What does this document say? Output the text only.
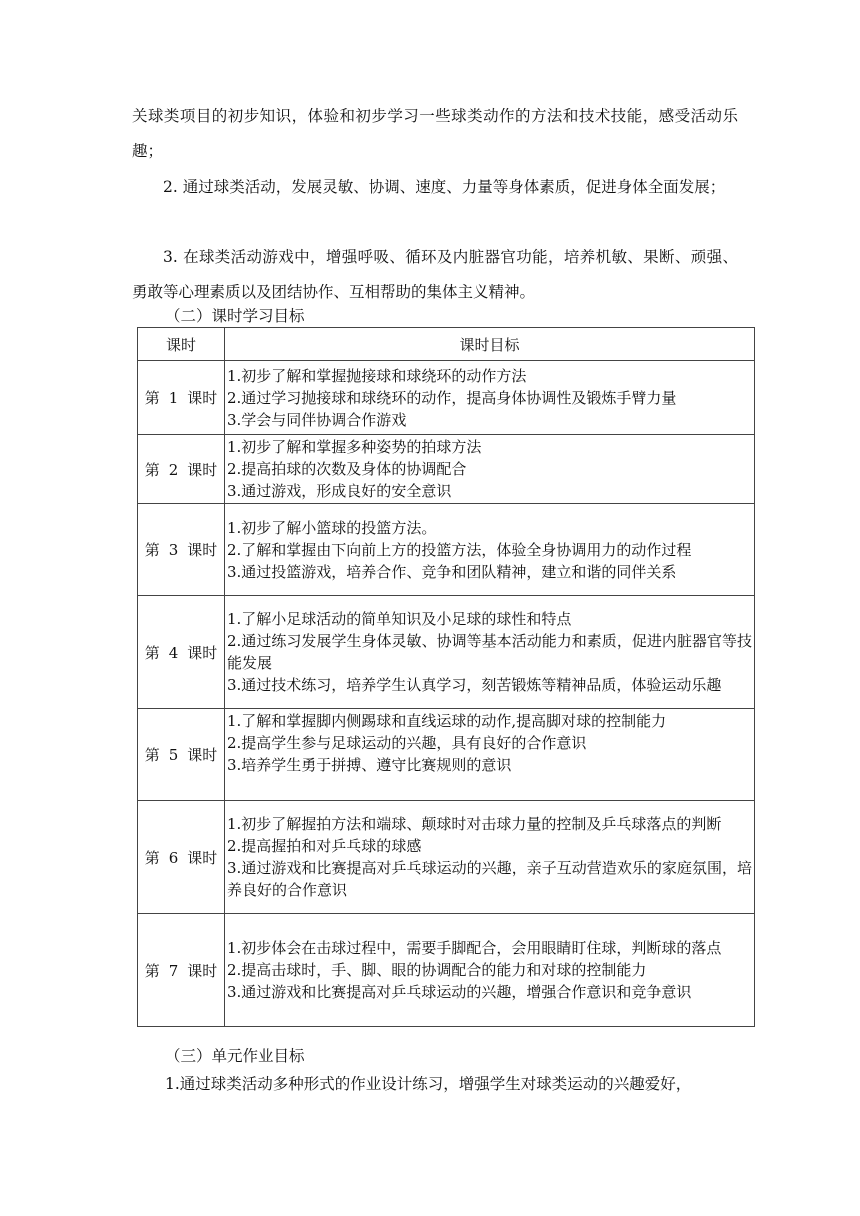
关球类项目的初步知识，体验和初步学习一些球类动作的方法和技术技能，感受活动乐趣；

2. 通过球类活动，发展灵敏、协调、速度、力量等身体素质，促进身体全面发展；

3. 在球类活动游戏中，增强呼吸、循环及内脏器官功能，培养机敏、果断、顽强、勇敢等心理素质以及团结协作、互相帮助的集体主义精神。

（二）课时学习目标

课时	课时目标
第 1 课时	1.初步了解和掌握抛接球和球绕环的动作方法
2.通过学习抛接球和球绕环的动作，提高身体协调性及锻炼手臂力量
3.学会与同伴协调合作游戏

第 2 课时	1.初步了解和掌握多种姿势的拍球方法
2.提高拍球的次数及身体的协调配合
3.通过游戏，形成良好的安全意识

第 3 课时	1.初步了解小篮球的投篮方法。
2.了解和掌握由下向前上方的投篮方法，体验全身协调用力的动作过程
3.通过投篮游戏，培养合作、竞争和团队精神，建立和谐的同伴关系

第 4 课时	1.了解小足球活动的简单知识及小足球的球性和特点
2.通过练习发展学生身体灵敏、协调等基本活动能力和素质，促进内脏器官等技能发展
3.通过技术练习，培养学生认真学习，刻苦锻炼等精神品质，体验运动乐趣

第 5 课时	1.了解和掌握脚内侧踢球和直线运球的动作,提高脚对球的控制能力
2.提高学生参与足球运动的兴趣，具有良好的合作意识
3.培养学生勇于拼搏、遵守比赛规则的意识

第 6 课时	1.初步了解握拍方法和端球、颠球时对击球力量的控制及乒乓球落点的判断
2.提高握拍和对乒乓球的球感
3.通过游戏和比赛提高对乒乓球运动的兴趣，亲子互动营造欢乐的家庭氛围，培养良好的合作意识

第 7 课时	1.初步体会在击球过程中，需要手脚配合，会用眼睛盯住球，判断球的落点
2.提高击球时，手、脚、眼的协调配合的能力和对球的控制能力
3.通过游戏和比赛提高对乒乓球运动的兴趣，增强合作意识和竞争意识

（三）单元作业目标

1.通过球类活动多种形式的作业设计练习，增强学生对球类运动的兴趣爱好，
